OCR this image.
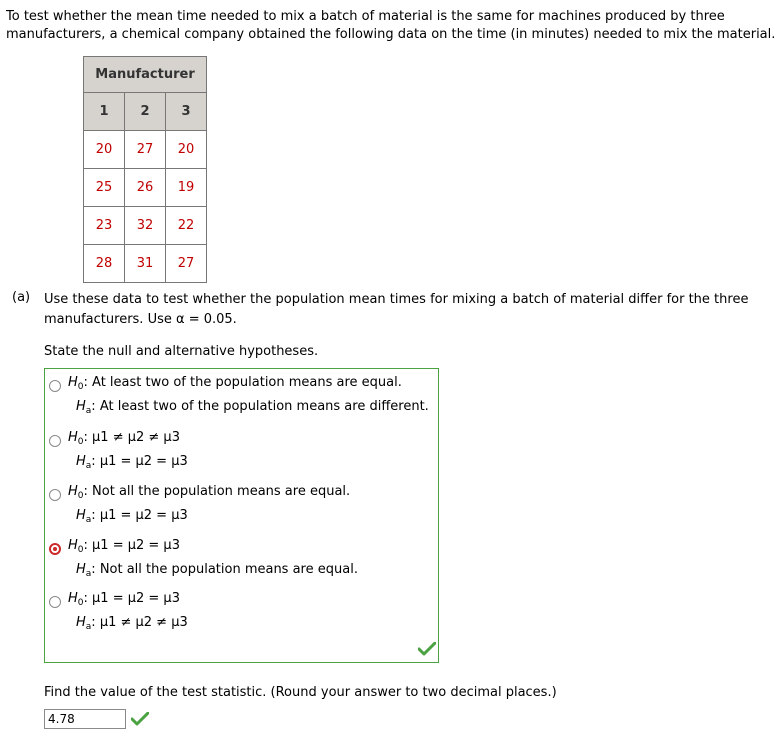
To test whether the mean time needed to mix a batch of material is the same for machines produced by three manufacturers, a chemical company obtained the following data on the time (in minutes) needed to mix the material.
Manufacturer		
1	2	3
20	27	20
25	26	19
23	32	22
28	31	27
(a) Use these data to test whether the population mean times for mixing a batch of material differ for the three manufacturers. Use α = 0.05.
State the null and alternative hypotheses.
$H_0$: At least two of the population means are equal.
$H_a$: At least two of the population means are different.
$H_0$: μ1 ≠ μ2 ≠ μ3
$H_a$: μ1 = μ2 = μ3
$H_0$: Not all the population means are equal.
$H_a$: μ1 = μ2 = μ3
$H_0$: μ1 = μ2 = μ3
$H_a$: Not all the population means are equal.
$H_0$: μ1 = μ2 = μ3
$H_a$: μ1 ≠ μ2 ≠ μ3
Find the value of the test statistic. (Round your answer to two decimal places.)
4.78
